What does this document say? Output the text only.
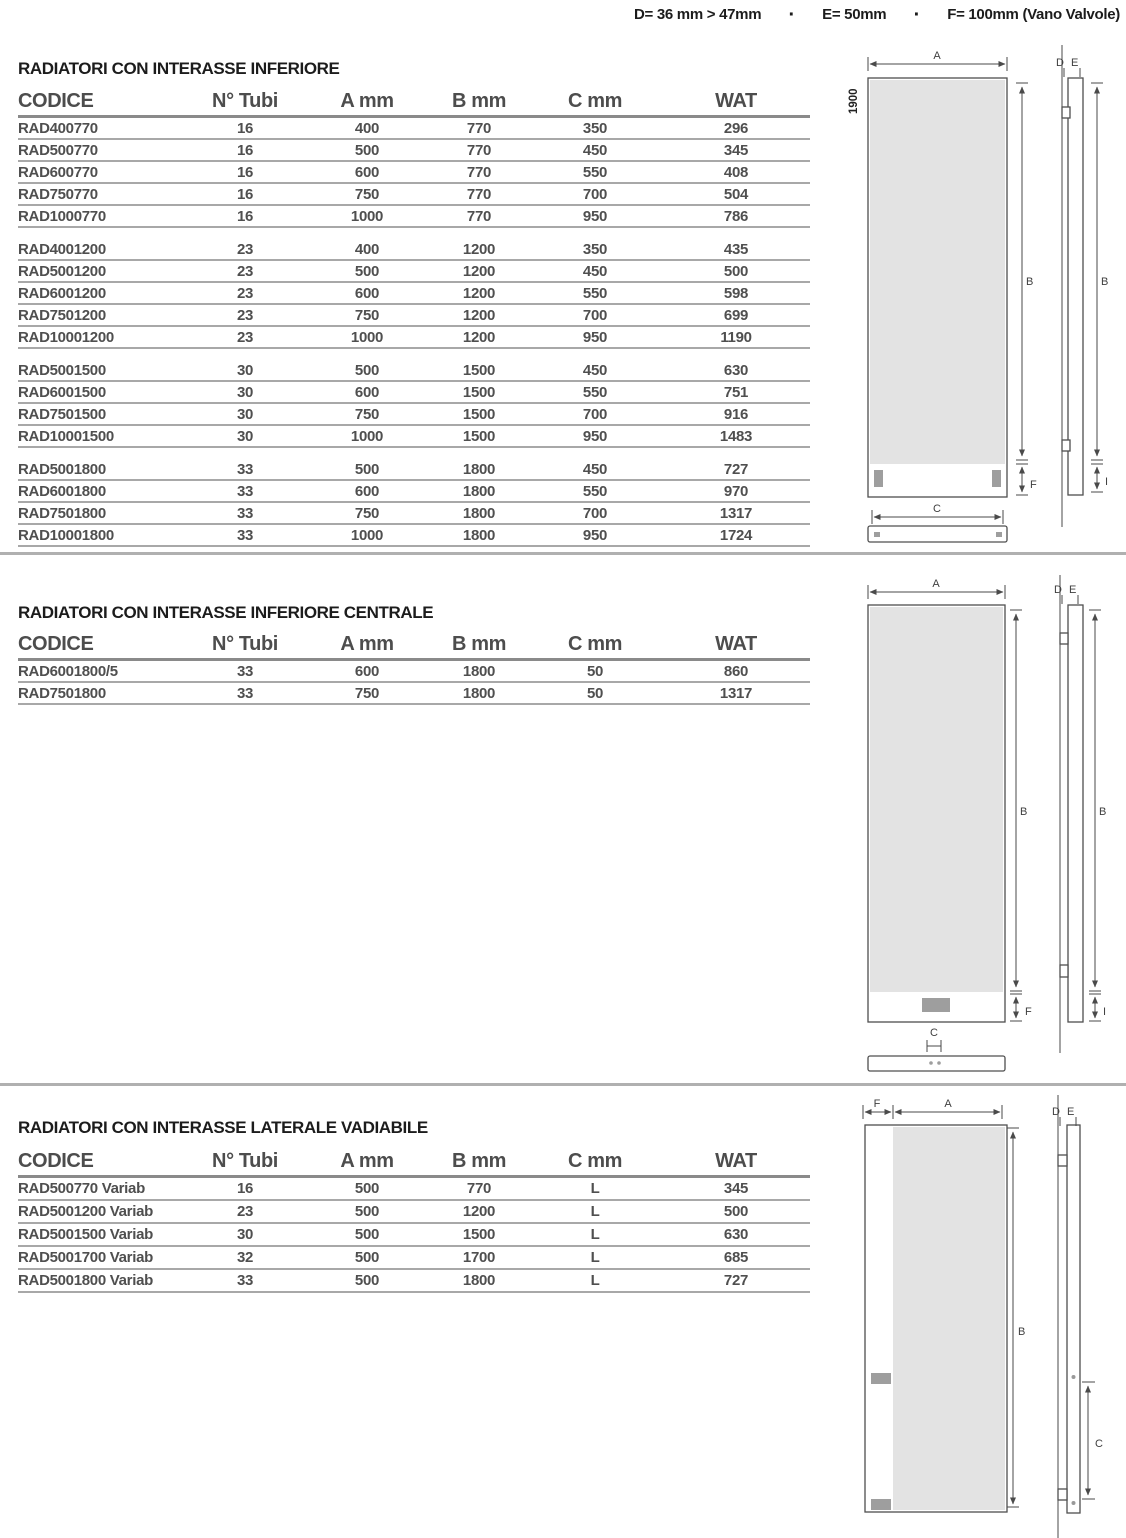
D= 36 mm > 47mm · E= 50mm · F= 100mm (Vano Valvole)
RADIATORI CON INTERASSE INFERIORE
CODICE	N° Tubi	A mm	B mm	C mm	WAT
RAD400770	16	400	770	350	296
RAD500770	16	500	770	450	345
RAD600770	16	600	770	550	408
RAD750770	16	750	770	700	504
RAD1000770	16	1000	770	950	786
RAD4001200	23	400	1200	350	435
RAD5001200	23	500	1200	450	500
RAD6001200	23	600	1200	550	598
RAD7501200	23	750	1200	700	699
RAD10001200	23	1000	1200	950	1190
RAD5001500	30	500	1500	450	630
RAD6001500	30	600	1500	550	751
RAD7501500	30	750	1500	700	916
RAD10001500	30	1000	1500	950	1483
RAD5001800	33	500	1800	450	727
RAD6001800	33	600	1800	550	970
RAD7501800	33	750	1800	700	1317
RAD10001800	33	1000	1800	950	1724
RADIATORI CON INTERASSE INFERIORE CENTRALE
CODICE	N° Tubi	A mm	B mm	C mm	WAT
RAD6001800/5	33	600	1800	50	860
RAD7501800	33	750	1800	50	1317
RADIATORI CON INTERASSE LATERALE VADIABILE
CODICE	N° Tubi	A mm	B mm	C mm	WAT
RAD500770 Variab	16	500	770	L	345
RAD5001200 Variab	23	500	1200	L	500
RAD5001500 Variab	30	500	1500	L	630
RAD5001700 Variab	32	500	1700	L	685
RAD5001800 Variab	33	500	1800	L	727
A
1900
B
F
C
D E
B
I
A
B
F
C
D E
B
I
F	A
B
D E
C
